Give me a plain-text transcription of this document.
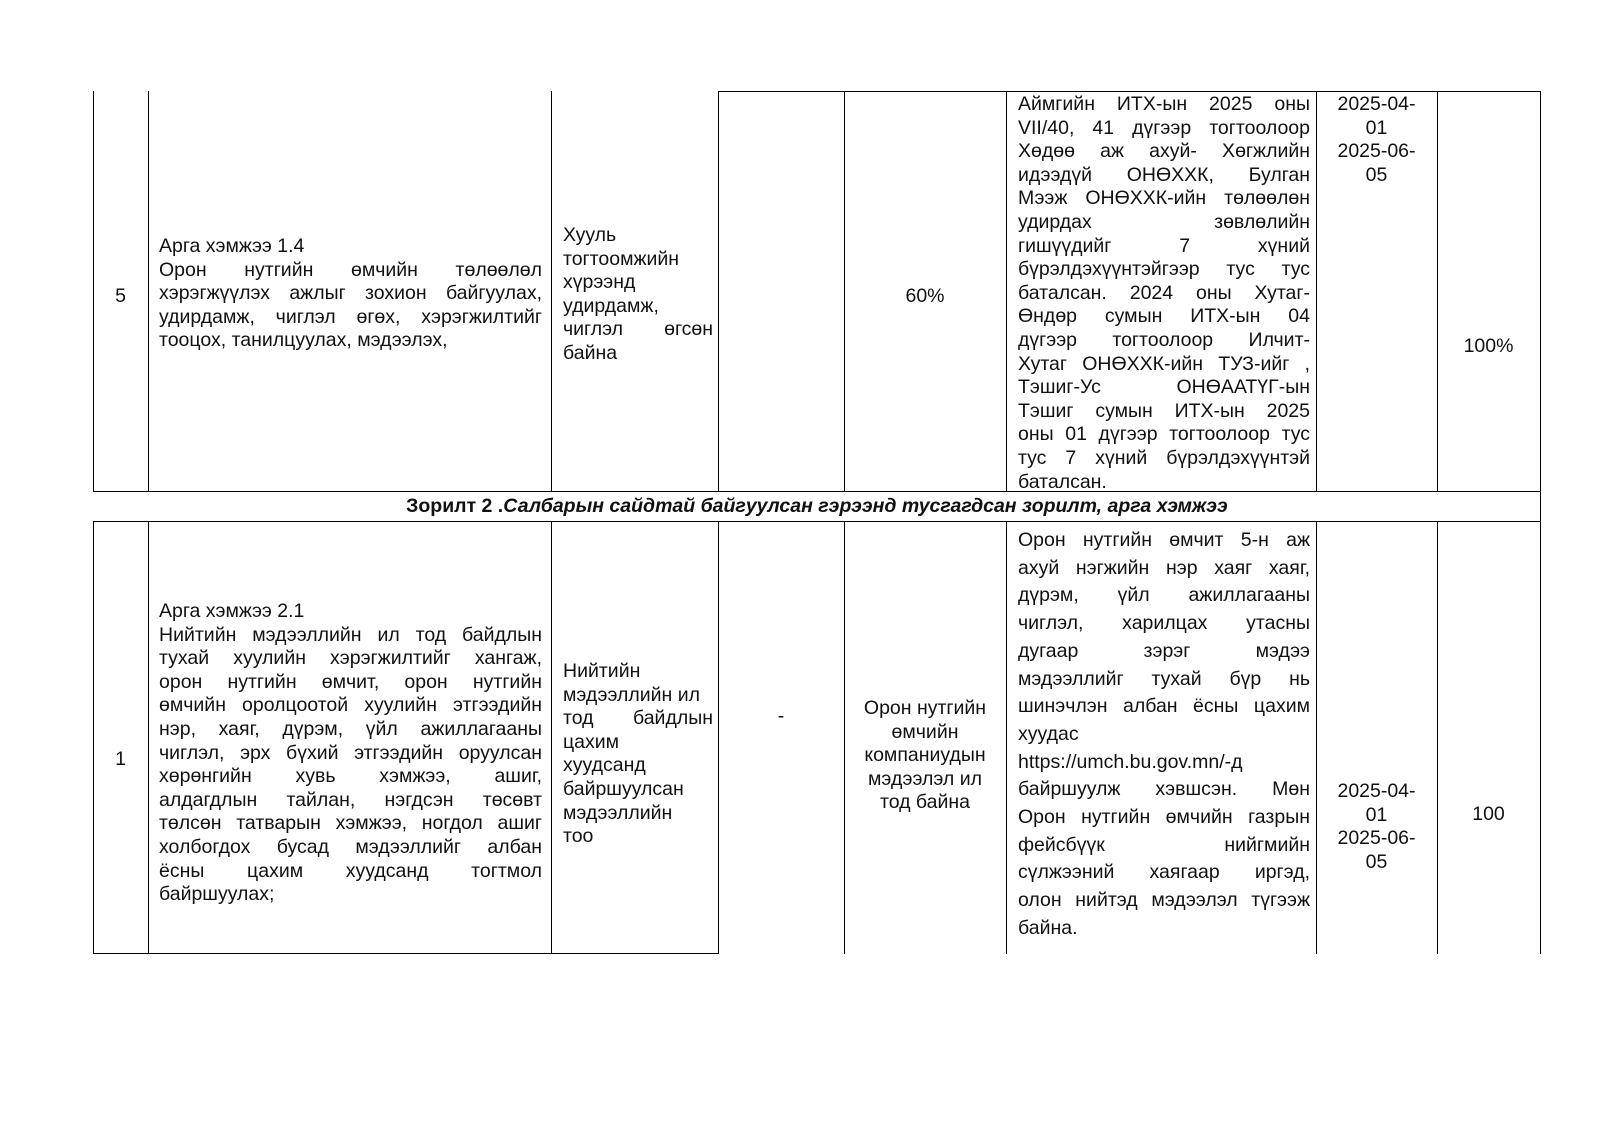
5

Арга хэмжээ 1.4

Орон нутгийн өмчийн төлөөлөл

хэрэгжүүлэх ажлыг зохион байгуулах,

удирдамж, чиглэл өгөх, хэрэгжилтийг

тооцох, танилцуулах, мэдээлэх,

Хууль

тогтоомжийн

хүрээнд

удирдамж,

чиглэл өгсөн

байна

60%

Аймгийн ИТХ-ын 2025 оны

VII/40, 41 дүгээр тогтоолоор

Хөдөө аж ахуй- Хөгжлийн

идээдүй ОНӨХХК, Булган

Мээж ОНӨХХК-ийн төлөөлөн

удирдах зөвлөлийн

гишүүдийг 7 хүний

бүрэлдэхүүнтэйгээр тус тус

баталсан. 2024 оны Хутаг-

Өндөр сумын ИТХ-ын 04

дүгээр тогтоолоор Илчит-

Хутаг ОНӨХХК-ийн ТУЗ-ийг ,

Тэшиг-Ус ОНӨААТҮГ-ын

Тэшиг сумын ИТХ-ын 2025

оны 01 дүгээр тогтоолоор тус

тус 7 хүний бүрэлдэхүүнтэй

баталсан.

2025-04-

01

2025-06-

05

100%
Зорилт 2 .Салбарын сайдтай байгуулсан гэрээнд тусгагдсан зорилт, арга хэмжээ
1

Арга хэмжээ 2.1

Нийтийн мэдээллийн ил тод байдлын

тухай хуулийн хэрэгжилтийг хангаж,

орон нутгийн өмчит, орон нутгийн

өмчийн оролцоотой хуулийн этгээдийн

нэр, хаяг, дүрэм, үйл ажиллагааны

чиглэл, эрх бүхий этгээдийн оруулсан

хөрөнгийн хувь хэмжээ, ашиг,

алдагдлын тайлан, нэгдсэн төсөвт

төлсөн татварын хэмжээ, ногдол ашиг

холбогдох бусад мэдээллийг албан

ёсны цахим хуудсанд тогтмол

байршуулах;

Нийтийн

мэдээллийн ил

тод байдлын

цахим

хуудсанд

байршуулсан

мэдээллийн

тоо

-	Орон нутгийн

өмчийн

компаниудын

мэдээлэл ил

тод байна

Орон нутгийн өмчит 5-н аж

ахуй нэгжийн нэр хаяг хаяг,

дүрэм, үйл ажиллагааны

чиглэл, харилцах утасны

дугаар зэрэг мэдээ

мэдээллийг тухай бүр нь

шинэчлэн албан ёсны цахим

хуудас

https://umch.bu.gov.mn/-д

байршуулж хэвшсэн. Мөн

Орон нутгийн өмчийн газрын

фейсбүүк нийгмийн

сүлжээний хаягаар иргэд,

олон нийтэд мэдээлэл түгээж

байна.

2025-04-

01

2025-06-

05

100
